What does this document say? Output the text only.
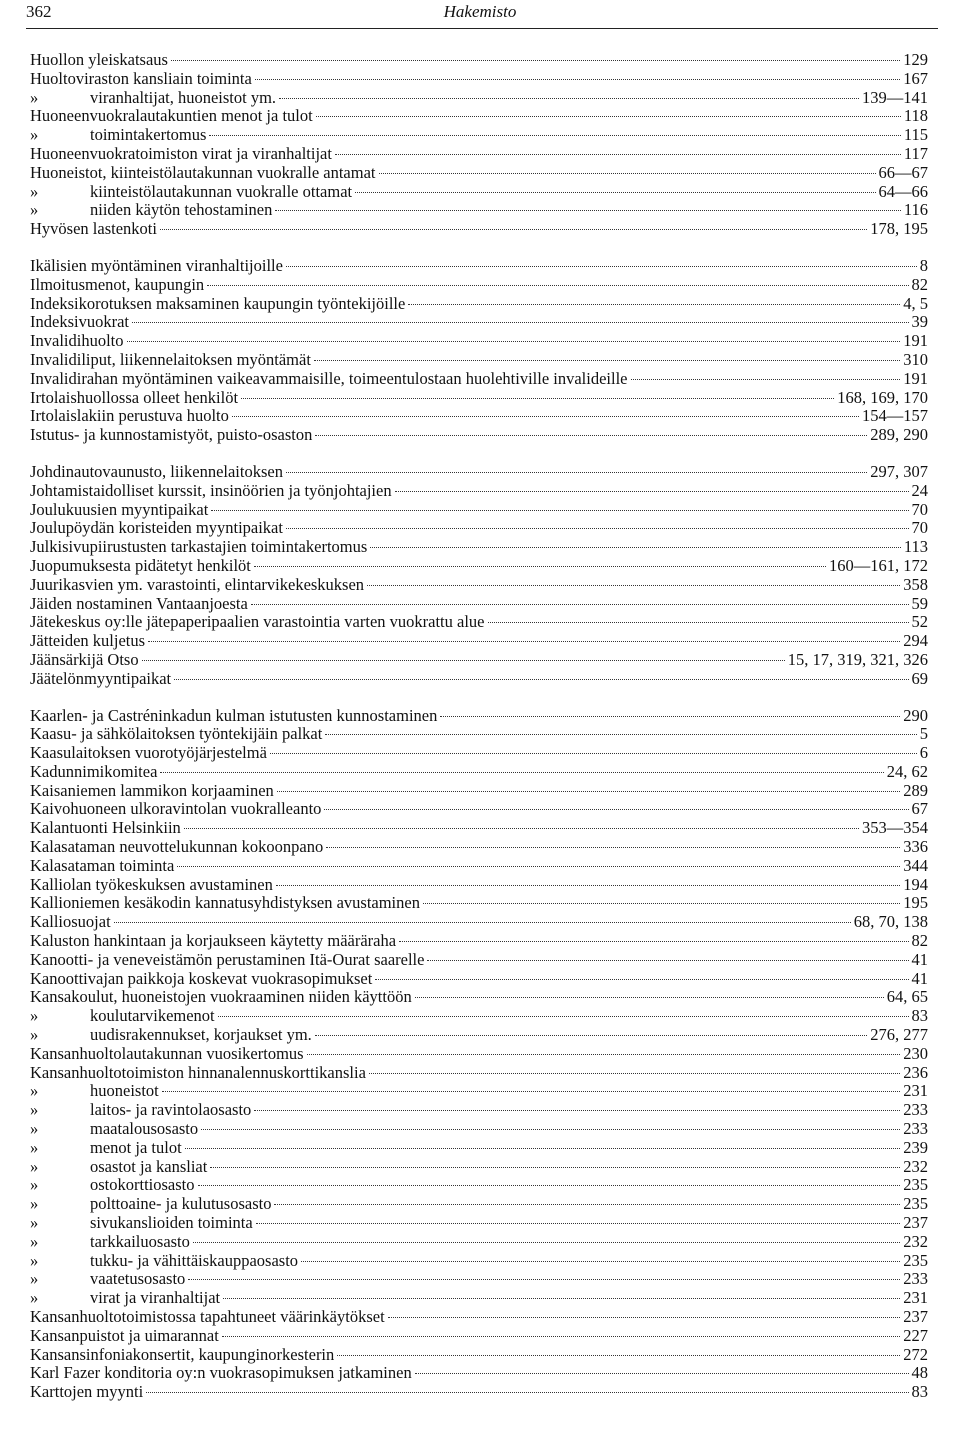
362	Hakemisto
Huollon yleiskatsaus	129
Huoltoviraston kansliain toiminta	167
»	viranhaltijat, huoneistot ym.	139—141
Huoneenvuokralautakuntien menot ja tulot	118
»	toimintakertomus	115
Huoneenvuokratoimiston virat ja viranhaltijat	117
Huoneistot, kiinteistölautakunnan vuokralle antamat	66—67
»	kiinteistölautakunnan vuokralle ottamat	64—66
»	niiden käytön tehostaminen	116
Hyvösen lastenkoti	178, 195
Ikälisien myöntäminen viranhaltijoille	8
Ilmoitusmenot, kaupungin	82
Indeksikorotuksen maksaminen kaupungin työntekijöille	4, 5
Indeksivuokrat	39
Invalidihuolto	191
Invalidiliput, liikennelaitoksen myöntämät	310
Invalidirahan myöntäminen vaikeavammaisille, toimeentulostaan huolehtiville invalideille	191
Irtolaishuollossa olleet henkilöt	168, 169, 170
Irtolaislakiin perustuva huolto	154—157
Istutus- ja kunnostamistyöt, puisto-osaston	289, 290
Johdinautovaunusto, liikennelaitoksen	297, 307
Johtamistaidolliset kurssit, insinöörien ja työnjohtajien	24
Joulukuusien myyntipaikat	70
Joulupöydän koristeiden myyntipaikat	70
Julkisivupiirustusten tarkastajien toimintakertomus	113
Juopumuksesta pidätetyt henkilöt	160—161, 172
Juurikasvien ym. varastointi, elintarvikekeskuksen	358
Jäiden nostaminen Vantaanjoesta	59
Jätekeskus oy:lle jätepaperipaalien varastointia varten vuokrattu alue	52
Jätteiden kuljetus	294
Jäänsärkijä Otso	15, 17, 319, 321, 326
Jäätelönmyyntipaikat	69
Kaarlen- ja Castréninkadun kulman istutusten kunnostaminen	290
Kaasu- ja sähkölaitoksen työntekijäin palkat	5
Kaasulaitoksen vuorotyöjärjestelmä	6
Kadunnimikomitea	24, 62
Kaisaniemen lammikon korjaaminen	289
Kaivohuoneen ulkoravintolan vuokralleanto	67
Kalantuonti Helsinkiin	353—354
Kalasataman neuvottelukunnan kokoonpano	336
Kalasataman toiminta	344
Kalliolan työkeskuksen avustaminen	194
Kallioniemen kesäkodin kannatusyhdistyksen avustaminen	195
Kalliosuojat	68, 70, 138
Kaluston hankintaan ja korjaukseen käytetty määräraha	82
Kanootti- ja veneveistämön perustaminen Itä-Ourat saarelle	41
Kanoottivajan paikkoja koskevat vuokrasopimukset	41
Kansakoulut, huoneistojen vuokraaminen niiden käyttöön	64, 65
»	koulutarvikemenot	83
»	uudisrakennukset, korjaukset ym.	276, 277
Kansanhuoltolautakunnan vuosikertomus	230
Kansanhuoltotoimiston hinnanalennuskorttikanslia	236
»	huoneistot	231
»	laitos- ja ravintolaosasto	233
»	maatalousosasto	233
»	menot ja tulot	239
»	osastot ja kansliat	232
»	ostokorttiosasto	235
»	polttoaine- ja kulutusosasto	235
»	sivukanslioiden toiminta	237
»	tarkkailuosasto	232
»	tukku- ja vähittäiskauppaosasto	235
»	vaatetusosasto	233
»	virat ja viranhaltijat	231
Kansanhuoltotoimistossa tapahtuneet väärinkäytökset	237
Kansanpuistot ja uimarannat	227
Kansansinfoniakonsertit, kaupunginorkesterin	272
Karl Fazer konditoria oy:n vuokrasopimuksen jatkaminen	48
Karttojen myynti	83
